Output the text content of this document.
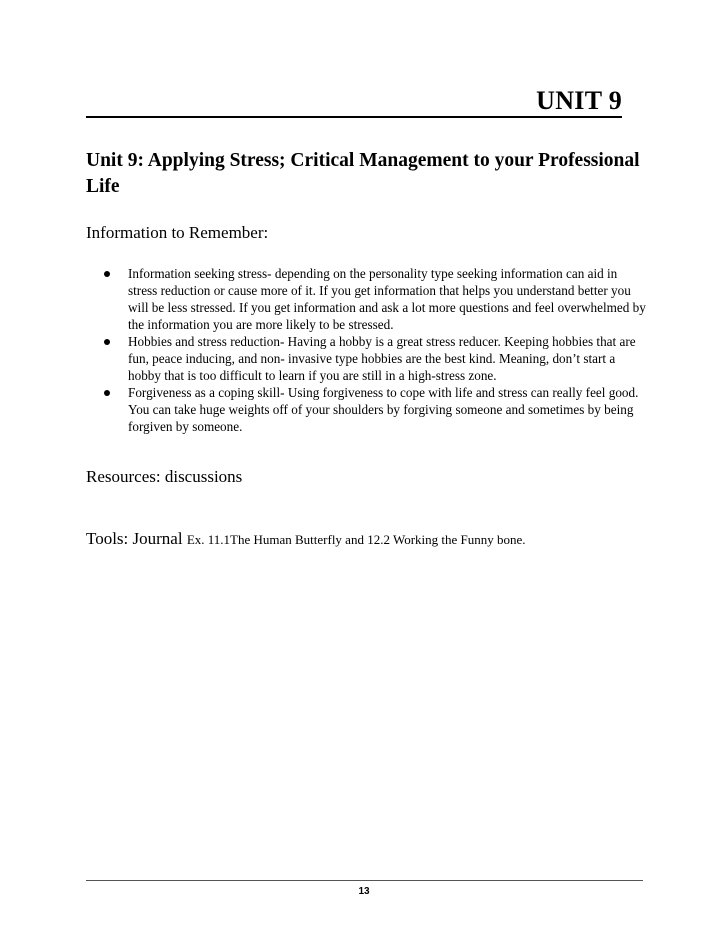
UNIT 9
Unit 9: Applying Stress; Critical Management to your Professional Life

Information to Remember:

Information seeking stress- depending on the personality type seeking information can aid in stress reduction or cause more of it. If you get information that helps you understand better you will be less stressed. If you get information and ask a lot more questions and feel overwhelmed by the information you are more likely to be stressed.
Hobbies and stress reduction- Having a hobby is a great stress reducer. Keeping hobbies that are fun, peace inducing, and non- invasive type hobbies are the best kind. Meaning, don’t start a hobby that is too difficult to learn if you are still in a high-stress zone.
Forgiveness as a coping skill- Using forgiveness to cope with life and stress can really feel good. You can take huge weights off of your shoulders by forgiving someone and sometimes by being forgiven by someone.

Resources: discussions

Tools: Journal Ex. 11.1The Human Butterfly and 12.2 Working the Funny bone.

13
